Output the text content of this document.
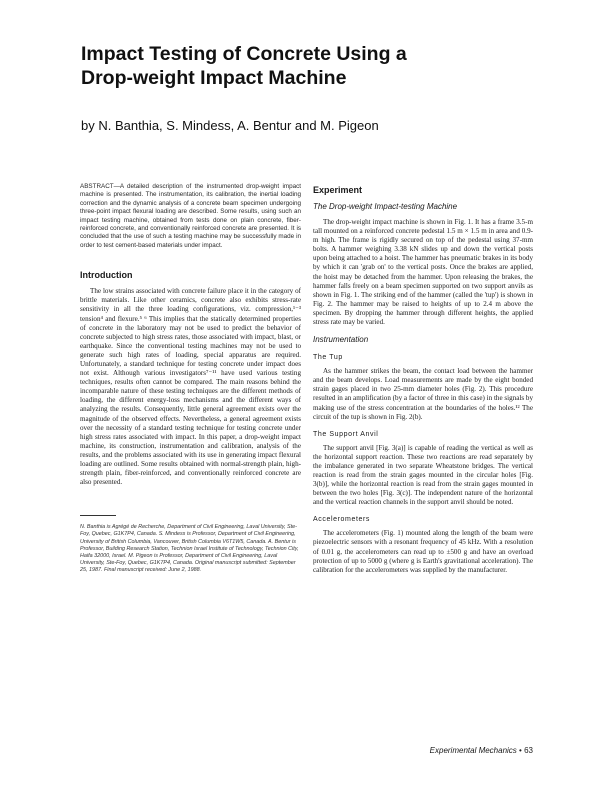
Impact Testing of Concrete Using a
Drop-weight Impact Machine
by N. Banthia, S. Mindess, A. Bentur and M. Pigeon

ABSTRACT—A detailed description of the instrumented drop-weight impact machine is presented. The instrumentation, its calibration, the inertial loading correction and the dynamic analysis of a concrete beam specimen undergoing three-point impact flexural loading are described. Some results, using such an impact testing machine, obtained from tests done on plain concrete, fiber-reinforced concrete, and conventionally reinforced concrete are presented. It is concluded that the use of such a testing machine may be successfully made in order to test cement-based materials under impact.

Introduction

The low strains associated with concrete failure place it in the category of brittle materials. Like other ceramics, concrete also exhibits stress-rate sensitivity in all the three loading configurations, viz. compression,¹⁻³ tension⁴ and flexure.⁵ ⁶ This implies that the statically determined properties of concrete in the laboratory may not be used to predict the behavior of concrete subjected to high stress rates, those associated with impact, blast, or earthquake. Since the conventional testing machines may not be used to generate such high rates of loading, special apparatus are required. Unfortunately, a standard technique for testing concrete under impact does not exist. Although various investigators⁷⁻¹¹ have used various testing techniques, results often cannot be compared. The main reasons behind the incomparable nature of these testing techniques are the different methods of loading, the different energy-loss mechanisms and the different ways of analyzing the results. Consequently, little general agreement exists over the magnitude of the observed effects. Nevertheless, a general agreement exists over the necessity of a standard testing technique for testing concrete under high stress rates associated with impact. In this paper, a drop-weight impact machine, its construction, instrumentation and calibration, analysis of the results, and the problems associated with its use in generating impact flexural loading are outlined. Some results obtained with normal-strength plain, high-strength plain, fiber-reinforced, and conventionally reinforced concrete are also presented.

N. Banthia is Agrégé de Recherche, Department of Civil Engineering, Laval University, Ste-Foy, Quebec, G1K7P4, Canada. S. Mindess is Professor, Department of Civil Engineering, University of British Columbia, Vancouver, British Columbia V6T1W5, Canada. A. Bentur is Professor, Building Research Station, Technion Israel Institute of Technology, Technion City, Haifa 32000, Israel. M. Pigeon is Professor, Department of Civil Engineering, Laval University, Ste-Foy, Quebec, G1K7P4, Canada. Original manuscript submitted: September 25, 1987. Final manuscript received: June 2, 1988.

Experiment
The Drop-weight Impact-testing Machine

The drop-weight impact machine is shown in Fig. 1. It has a frame 3.5-m tall mounted on a reinforced concrete pedestal 1.5 m × 1.5 m in area and 0.9-m high. The frame is rigidly secured on top of the pedestal using 37-mm bolts. A hammer weighing 3.38 kN slides up and down the vertical posts upon being attached to a hoist. The hammer has pneumatic brakes in its body by which it can 'grab on' to the vertical posts. Once the brakes are applied, the hoist may be detached from the hammer. Upon releasing the brakes, the hammer falls freely on a beam specimen supported on two support anvils as shown in Fig. 1. The striking end of the hammer (called the 'tup') is shown in Fig. 2. The hammer may be raised to heights of up to 2.4 m above the specimen. By dropping the hammer through different heights, the applied stress rate may be varied.

Instrumentation
The Tup

As the hammer strikes the beam, the contact load between the hammer and the beam develops. Load measurements are made by the eight bonded strain gages placed in two 25-mm diameter holes (Fig. 2). This procedure resulted in an amplification (by a factor of three in this case) in the signals by making use of the stress concentration at the boundaries of the holes.¹² The circuit of the tup is shown in Fig. 2(b).

The Support Anvil

The support anvil [Fig. 3(a)] is capable of reading the vertical as well as the horizontal support reaction. These two reactions are read separately by the imbalance generated in two separate Wheatstone bridges. The vertical reaction is read from the strain gages mounted in the circular holes [Fig. 3(b)], while the horizontal reaction is read from the strain gages mounted in between the two holes [Fig. 3(c)]. The independent nature of the horizontal and the vertical reaction channels in the support anvil should be noted.

Accelerometers

The accelerometers (Fig. 1) mounted along the length of the beam were piezoelectric sensors with a resonant frequency of 45 kHz. With a resolution of 0.01 g, the accelerometers can read up to ±500 g and have an overload protection of up to 5000 g (where g is Earth's gravitational acceleration). The calibration for the accelerometers was supplied by the manufacturer.

Experimental Mechanics • 63
